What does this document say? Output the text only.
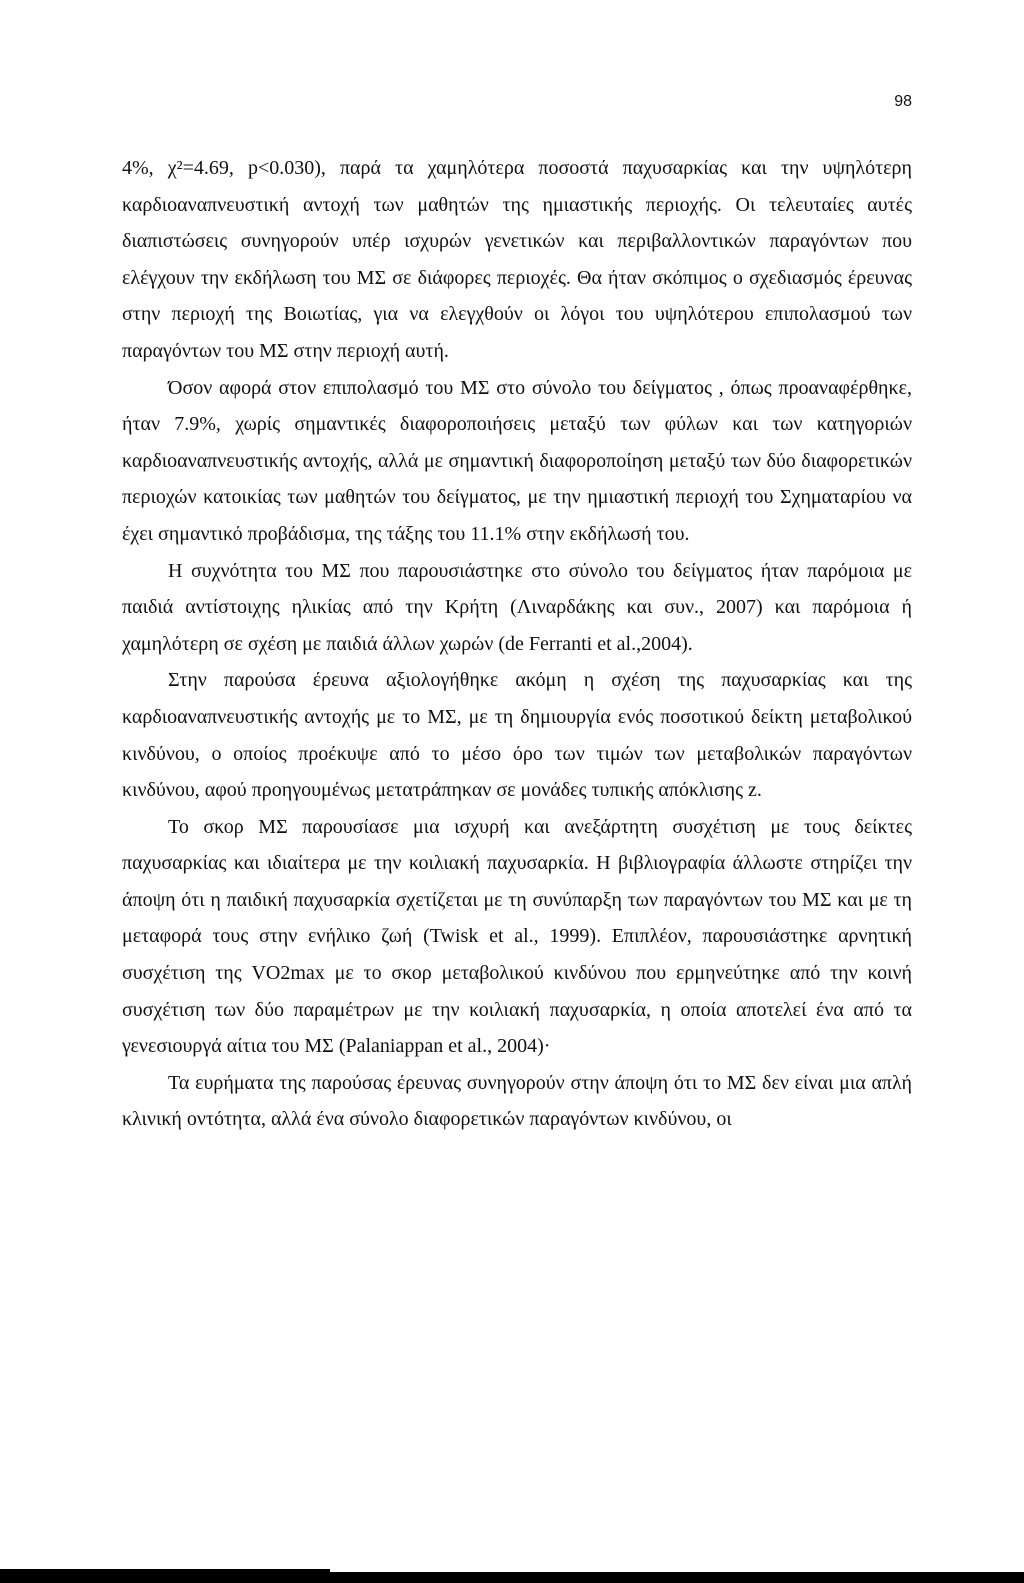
98

4%, χ²=4.69, p<0.030), παρά τα χαμηλότερα ποσοστά παχυσαρκίας και την υψηλότερη καρδιοαναπνευστική αντοχή των μαθητών της ημιαστικής περιοχής. Οι τελευταίες αυτές διαπιστώσεις συνηγορούν υπέρ ισχυρών γενετικών και περιβαλλοντικών παραγόντων που ελέγχουν την εκδήλωση του ΜΣ σε διάφορες περιοχές. Θα ήταν σκόπιμος ο σχεδιασμός έρευνας στην περιοχή της Βοιωτίας, για να ελεγχθούν οι λόγοι του υψηλότερου επιπολασμού των παραγόντων του ΜΣ στην περιοχή αυτή.

Όσον αφορά στον επιπολασμό του ΜΣ στο σύνολο του δείγματος , όπως προαναφέρθηκε, ήταν 7.9%, χωρίς σημαντικές διαφοροποιήσεις μεταξύ των φύλων και των κατηγοριών καρδιοαναπνευστικής αντοχής, αλλά με σημαντική διαφοροποίηση μεταξύ των δύο διαφορετικών περιοχών κατοικίας των μαθητών του δείγματος, με την ημιαστική περιοχή του Σχηματαρίου να έχει σημαντικό προβάδισμα, της τάξης του 11.1% στην εκδήλωσή του.

Η συχνότητα του ΜΣ που παρουσιάστηκε στο σύνολο του δείγματος ήταν παρόμοια με παιδιά αντίστοιχης ηλικίας από την Κρήτη (Λιναρδάκης και συν., 2007) και παρόμοια ή χαμηλότερη σε σχέση με παιδιά άλλων χωρών (de Ferranti et al.,2004).

Στην παρούσα έρευνα αξιολογήθηκε ακόμη η σχέση της παχυσαρκίας και της καρδιοαναπνευστικής αντοχής με το ΜΣ, με τη δημιουργία ενός ποσοτικού δείκτη μεταβολικού κινδύνου, ο οποίος προέκυψε από το μέσο όρο των τιμών των μεταβολικών παραγόντων κινδύνου, αφού προηγουμένως μετατράπηκαν σε μονάδες τυπικής απόκλισης z.

Το σκορ ΜΣ παρουσίασε μια ισχυρή και ανεξάρτητη συσχέτιση με τους δείκτες παχυσαρκίας και ιδιαίτερα με την κοιλιακή παχυσαρκία. Η βιβλιογραφία άλλωστε στηρίζει την άποψη ότι η παιδική παχυσαρκία σχετίζεται με τη συνύπαρξη των παραγόντων του ΜΣ και με τη μεταφορά τους στην ενήλικο ζωή (Twisk et al., 1999). Επιπλέον, παρουσιάστηκε αρνητική συσχέτιση της VO2max με το σκορ μεταβολικού κινδύνου που ερμηνεύτηκε από την κοινή συσχέτιση των δύο παραμέτρων με την κοιλιακή παχυσαρκία, η οποία αποτελεί ένα από τα γενεσιουργά αίτια του ΜΣ (Palaniappan et al., 2004)·

Τα ευρήματα της παρούσας έρευνας συνηγορούν στην άποψη ότι το ΜΣ δεν είναι μια απλή κλινική οντότητα, αλλά ένα σύνολο διαφορετικών παραγόντων κινδύνου, οι
